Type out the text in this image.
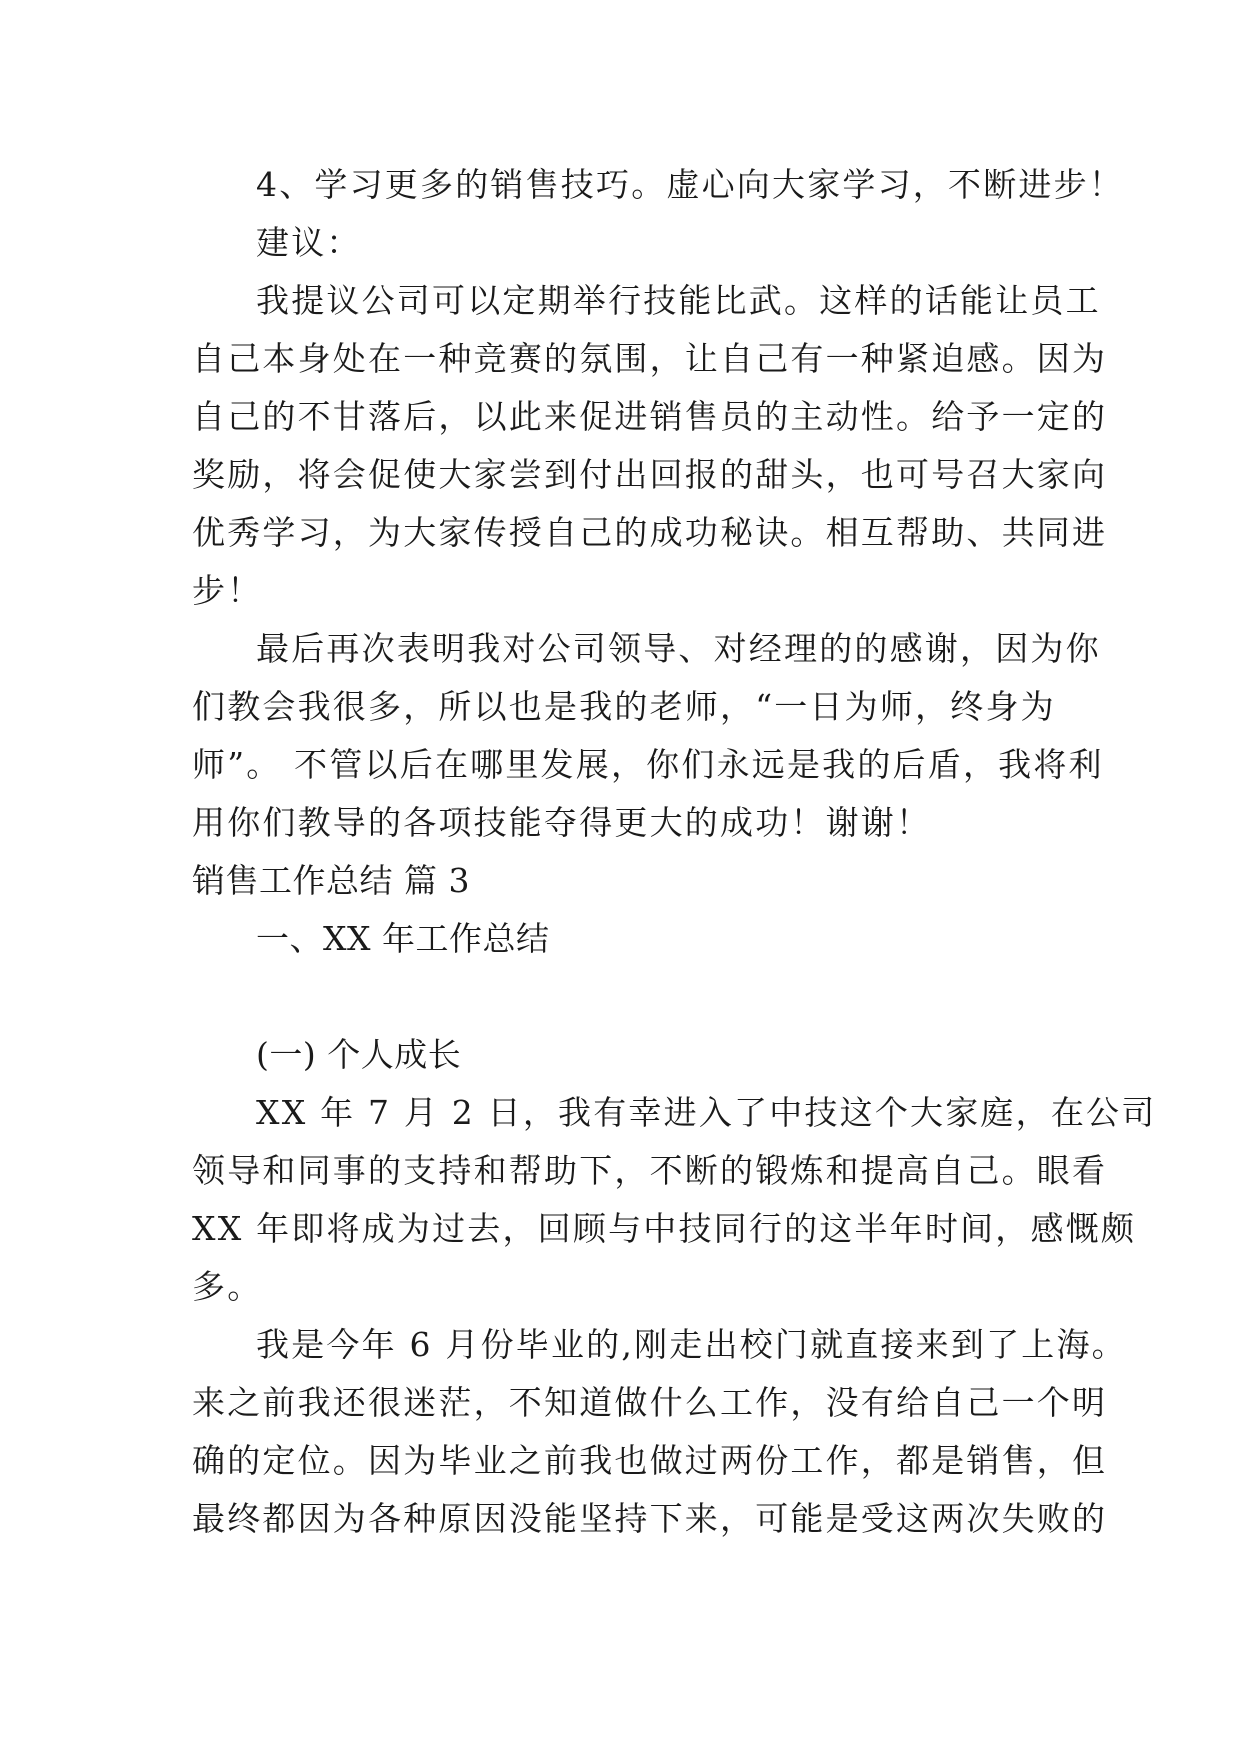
4、学习更多的销售技巧。虚心向大家学习，不断进步！
建议：
我提议公司可以定期举行技能比武。这样的话能让员工
自己本身处在一种竞赛的氛围，让自己有一种紧迫感。因为
自己的不甘落后，以此来促进销售员的主动性。给予一定的
奖励，将会促使大家尝到付出回报的甜头，也可号召大家向
优秀学习，为大家传授自己的成功秘诀。相互帮助、共同进
步！
最后再次表明我对公司领导、对经理的的感谢，因为你
们教会我很多，所以也是我的老师，“一日为师，终身为
师”。 不管以后在哪里发展，你们永远是我的后盾，我将利
用你们教导的各项技能夺得更大的成功！谢谢！
销售工作总结 篇 3
一、XX 年工作总结
(一) 个人成长
XX 年 7 月 2 日，我有幸进入了中技这个大家庭，在公司
领导和同事的支持和帮助下，不断的锻炼和提高自己。眼看
XX 年即将成为过去，回顾与中技同行的这半年时间，感慨颇
多。
我是今年 6 月份毕业的,刚走出校门就直接来到了上海。
来之前我还很迷茫，不知道做什么工作，没有给自己一个明
确的定位。因为毕业之前我也做过两份工作，都是销售，但
最终都因为各种原因没能坚持下来，可能是受这两次失败的
